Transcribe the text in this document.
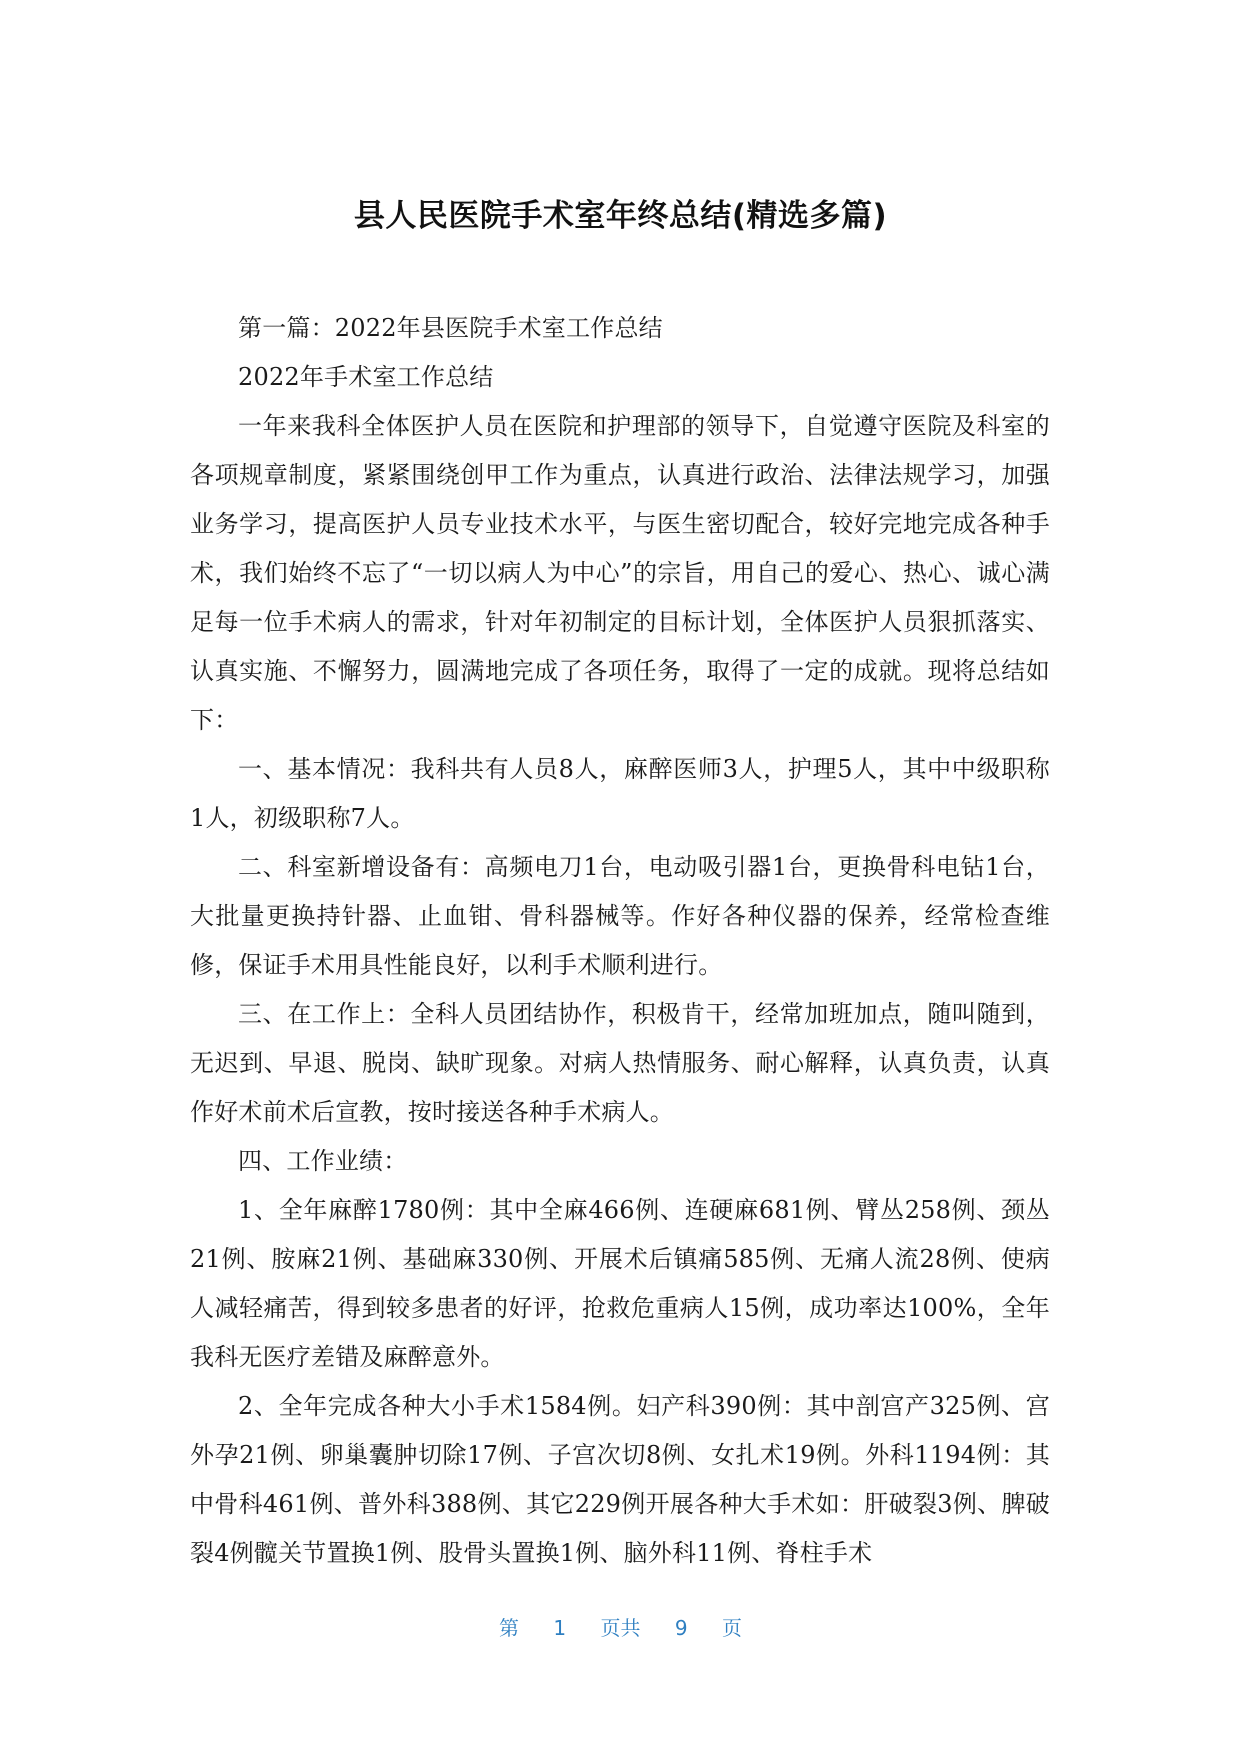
县人民医院手术室年终总结(精选多篇)

第一篇：2022年县医院手术室工作总结

2022年手术室工作总结

一年来我科全体医护人员在医院和护理部的领导下，自觉遵守医院及科室的各项规章制度，紧紧围绕创甲工作为重点，认真进行政治、法律法规学习，加强业务学习，提高医护人员专业技术水平，与医生密切配合，较好完地完成各种手术，我们始终不忘了“一切以病人为中心”的宗旨，用自己的爱心、热心、诚心满足每一位手术病人的需求，针对年初制定的目标计划，全体医护人员狠抓落实、认真实施、不懈努力，圆满地完成了各项任务，取得了一定的成就。现将总结如下：

一、基本情况：我科共有人员8人，麻醉医师3人，护理5人，其中中级职称1人，初级职称7人。

二、科室新增设备有：高频电刀1台，电动吸引器1台，更换骨科电钻1台，大批量更换持针器、止血钳、骨科器械等。作好各种仪器的保养，经常检查维修，保证手术用具性能良好，以利手术顺利进行。

三、在工作上：全科人员团结协作，积极肯干，经常加班加点，随叫随到，无迟到、早退、脱岗、缺旷现象。对病人热情服务、耐心解释，认真负责，认真作好术前术后宣教，按时接送各种手术病人。

四、工作业绩：

1、全年麻醉1780例：其中全麻466例、连硬麻681例、臂丛258例、颈丛21例、胺麻21例、基础麻330例、开展术后镇痛585例、无痛人流28例、使病人减轻痛苦，得到较多患者的好评，抢救危重病人15例，成功率达100%，全年我科无医疗差错及麻醉意外。

2、全年完成各种大小手术1584例。妇产科390例：其中剖宫产325例、宫外孕21例、卵巢囊肿切除17例、子宫次切8例、女扎术19例。外科1194例：其中骨科461例、普外科388例、其它229例开展各种大手术如：肝破裂3例、脾破裂4例髋关节置换1例、股骨头置换1例、脑外科11例、脊柱手术

第 1 页共 9 页
